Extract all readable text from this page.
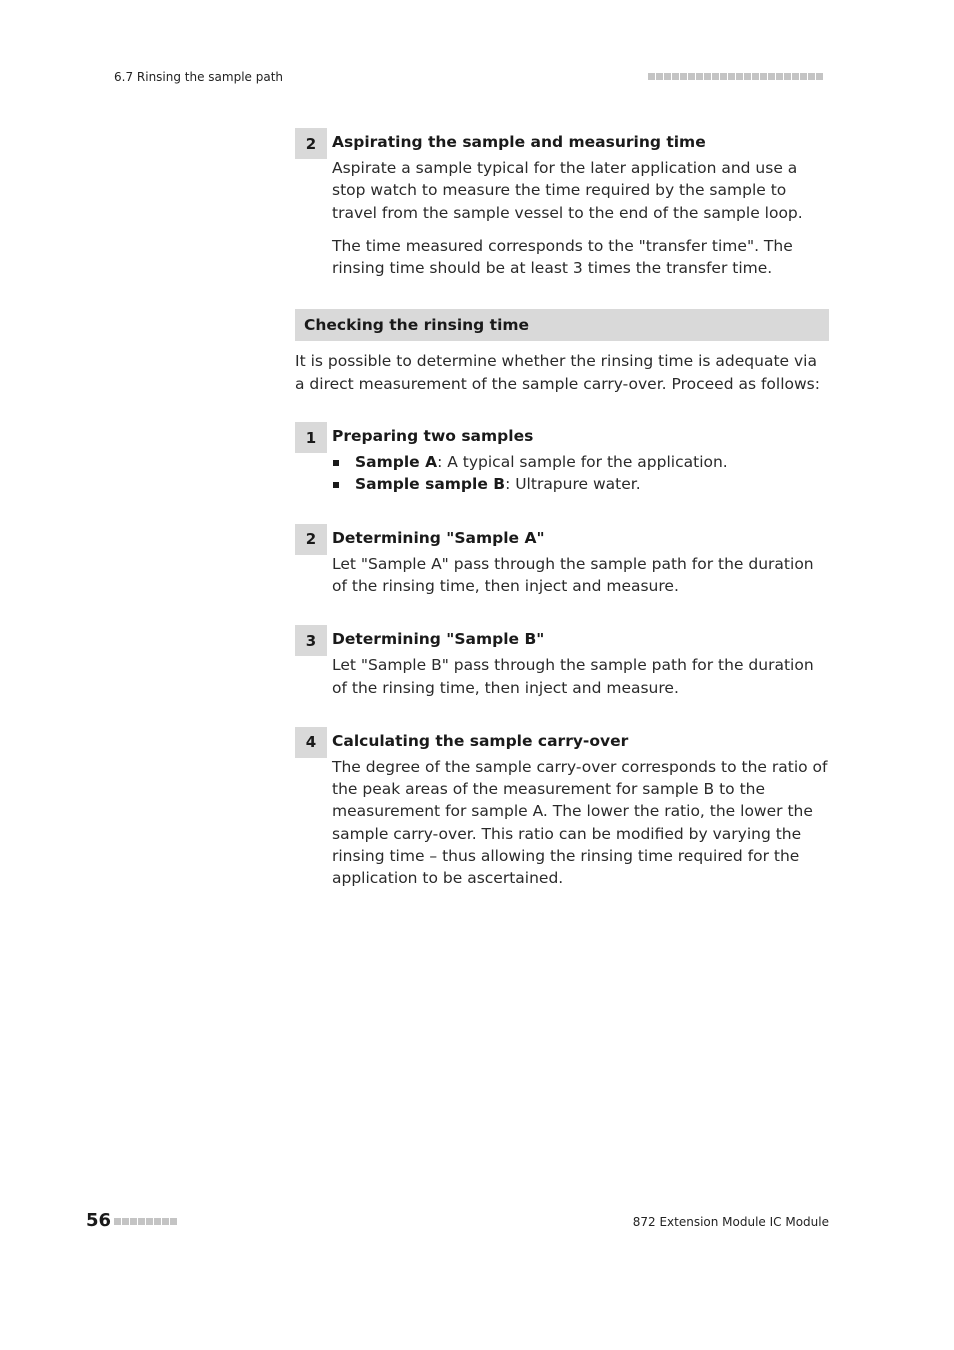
6.7 Rinsing the sample path
2	Aspirating the sample and measuring time

Aspirate a sample typical for the later application and use a stop watch to measure the time required by the sample to travel from the sample vessel to the end of the sample loop.

The time measured corresponds to the "transfer time". The rinsing time should be at least 3 times the transfer time.

Checking the rinsing time

It is possible to determine whether the rinsing time is adequate via a direct measurement of the sample carry-over. Proceed as follows:

1	Preparing two samples
Sample A: A typical sample for the application.
Sample sample B: Ultrapure water.
2	Determining "Sample A"

Let "Sample A" pass through the sample path for the duration of the rinsing time, then inject and measure.

3	Determining "Sample B"

Let "Sample B" pass through the sample path for the duration of the rinsing time, then inject and measure.

4	Calculating the sample carry-over

The degree of the sample carry-over corresponds to the ratio of the peak areas of the measurement for sample B to the measurement for sample A. The lower the ratio, the lower the sample carry-over. This ratio can be modified by varying the rinsing time – thus allowing the rinsing time required for the application to be ascertained.

56	872 Extension Module IC Module
